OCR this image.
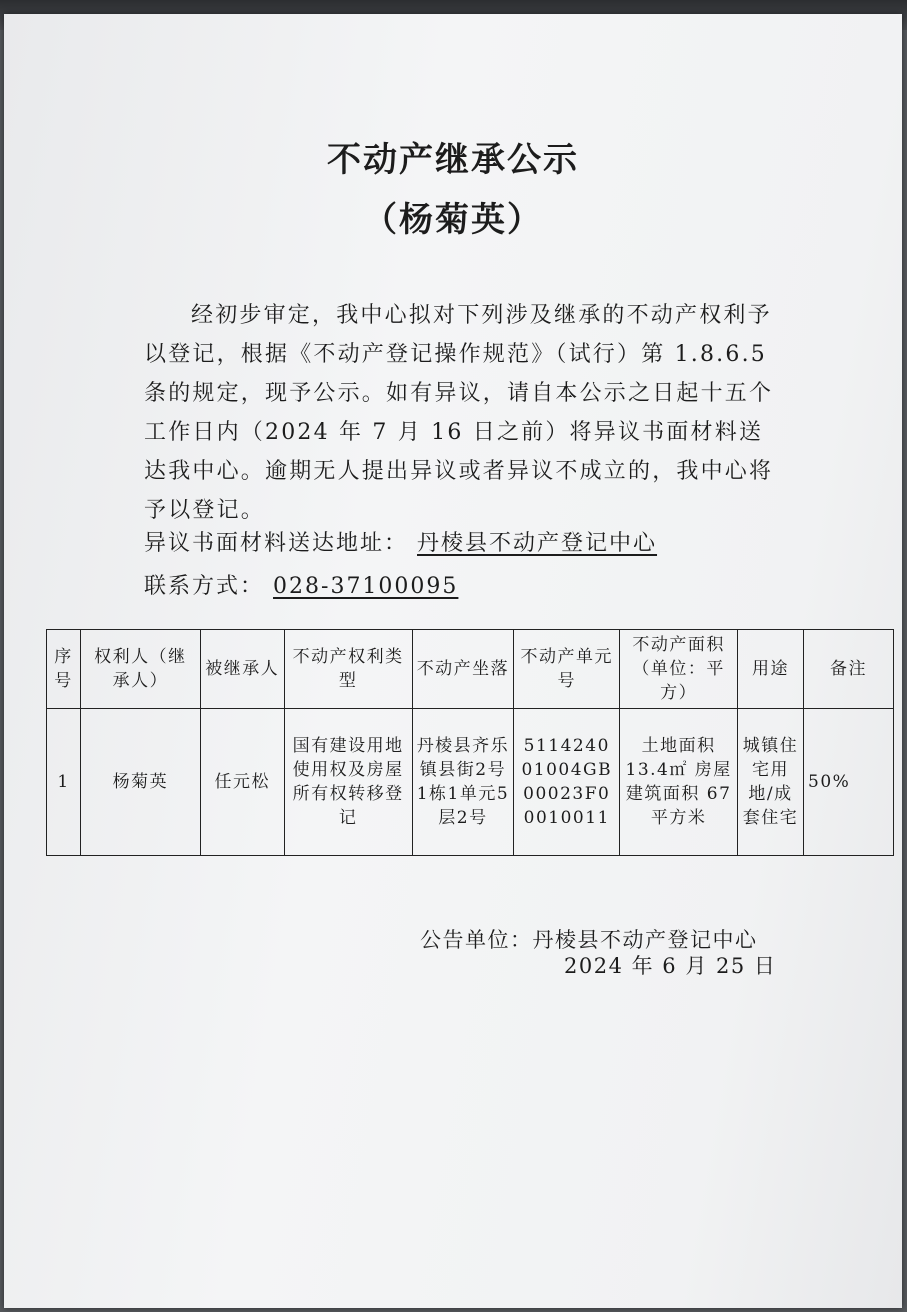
不动产继承公示
（杨菊英）

经初步审定，我中心拟对下列涉及继承的不动产权利予以登记，根据《不动产登记操作规范》（试行）第 1.8.6.5 条的规定，现予公示。如有异议，请自本公示之日起十五个工作日内（2024 年 7 月 16 日之前）将异议书面材料送达我中心。逾期无人提出异议或者异议不成立的，我中心将予以登记。

异议书面材料送达地址： 丹棱县不动产登记中心
联系方式： 028-37100095
序号	权利人（继承人）	被继承人	不动产权利类型	不动产坐落	不动产单元号	不动产面积（单位：平方）	用途	备注
1	杨菊英	任元松	国有建设用地使用权及房屋所有权转移登记	丹棱县齐乐镇县街2号1栋1单元5层2号	511424001004GB00023F00010011	土地面积13.4㎡ 房屋建筑面积 67 平方米	城镇住宅用地/成套住宅	50%
公告单位：丹棱县不动产登记中心
2024 年 6 月 25 日
